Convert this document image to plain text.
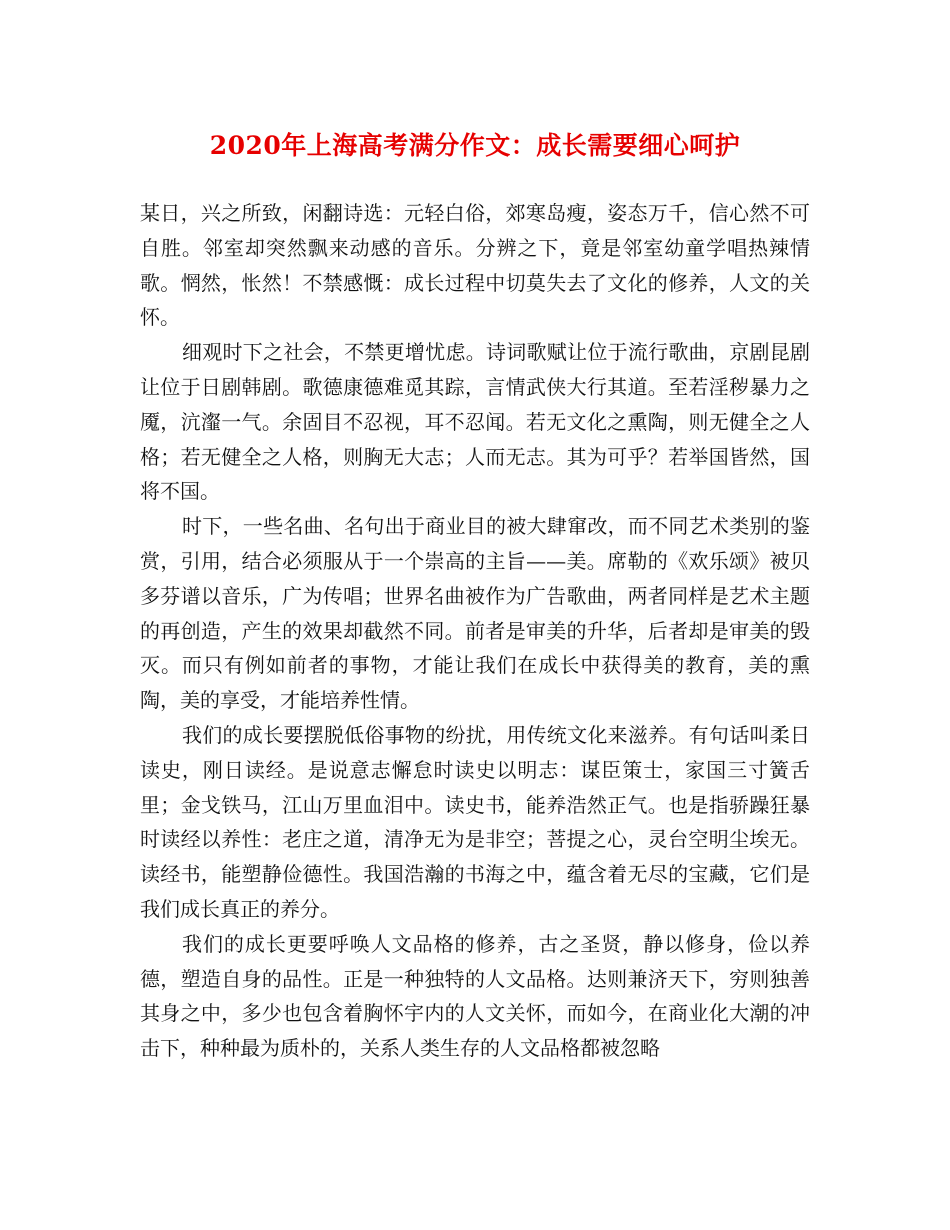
2020年上海高考满分作文：成长需要细心呵护

某日，兴之所致，闲翻诗选：元轻白俗，郊寒岛瘦，姿态万千，信心然不可自胜。邻室却突然飘来动感的音乐。分辨之下，竟是邻室幼童学唱热辣情歌。惘然，怅然！不禁感慨：成长过程中切莫失去了文化的修养，人文的关怀。

细观时下之社会，不禁更增忧虑。诗词歌赋让位于流行歌曲，京剧昆剧让位于日剧韩剧。歌德康德难觅其踪，言情武侠大行其道。至若淫秽暴力之魇，沆瀣一气。余固目不忍视，耳不忍闻。若无文化之熏陶，则无健全之人格；若无健全之人格，则胸无大志；人而无志。其为可乎？若举国皆然，国将不国。

时下，一些名曲、名句出于商业目的被大肆窜改，而不同艺术类别的鉴赏，引用，结合必须服从于一个崇高的主旨——美。席勒的《欢乐颂》被贝多芬谱以音乐，广为传唱；世界名曲被作为广告歌曲，两者同样是艺术主题的再创造，产生的效果却截然不同。前者是审美的升华，后者却是审美的毁灭。而只有例如前者的事物，才能让我们在成长中获得美的教育，美的熏陶，美的享受，才能培养性情。

我们的成长要摆脱低俗事物的纷扰，用传统文化来滋养。有句话叫柔日读史，刚日读经。是说意志懈怠时读史以明志：谋臣策士，家国三寸簧舌里；金戈铁马，江山万里血泪中。读史书，能养浩然正气。也是指骄躁狂暴时读经以养性：老庄之道，清净无为是非空；菩提之心，灵台空明尘埃无。读经书，能塑静俭德性。我国浩瀚的书海之中，蕴含着无尽的宝藏，它们是我们成长真正的养分。

我们的成长更要呼唤人文品格的修养，古之圣贤，静以修身，俭以养德，塑造自身的品性。正是一种独特的人文品格。达则兼济天下，穷则独善其身之中，多少也包含着胸怀宇内的人文关怀，而如今，在商业化大潮的冲击下，种种最为质朴的，关系人类生存的人文品格都被忽略
